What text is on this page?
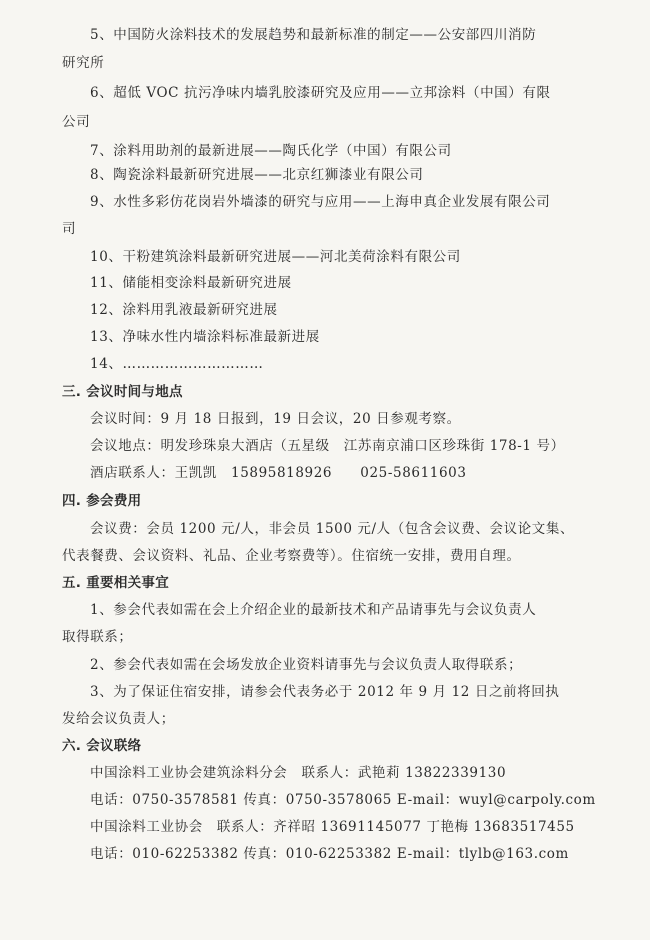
5、中国防火涂料技术的发展趋势和最新标准的制定——公安部四川消防
研究所
6、超低 VOC 抗污净味内墙乳胶漆研究及应用——立邦涂料（中国）有限
公司
7、涂料用助剂的最新进展——陶氏化学（中国）有限公司
8、陶瓷涂料最新研究进展——北京红狮漆业有限公司
9、水性多彩仿花岗岩外墙漆的研究与应用——上海申真企业发展有限公司
司
10、干粉建筑涂料最新研究进展——河北美荷涂料有限公司
11、储能相变涂料最新研究进展
12、涂料用乳液最新研究进展
13、净味水性内墙涂料标准最新进展
14、…………………………
三. 会议时间与地点
会议时间：9 月 18 日报到，19 日会议，20 日参观考察。
会议地点：明发珍珠泉大酒店（五星级　江苏南京浦口区珍珠街 178-1 号）
酒店联系人：王凯凯　15895818926　　025-58611603
四. 参会费用
会议费：会员 1200 元/人，非会员 1500 元/人（包含会议费、会议论文集、
代表餐费、会议资料、礼品、企业考察费等）。住宿统一安排，费用自理。
五. 重要相关事宜
1、参会代表如需在会上介绍企业的最新技术和产品请事先与会议负责人
取得联系；
2、参会代表如需在会场发放企业资料请事先与会议负责人取得联系；
3、为了保证住宿安排，请参会代表务必于 2012 年 9 月 12 日之前将回执
发给会议负责人；
六. 会议联络
中国涂料工业协会建筑涂料分会　联系人：武艳莉 13822339130
电话：0750-3578581 传真：0750-3578065 E-mail：wuyl@carpoly.com
中国涂料工业协会　联系人：齐祥昭 13691145077 丁艳梅 13683517455
电话：010-62253382 传真：010-62253382 E-mail：tlylb@163.com
